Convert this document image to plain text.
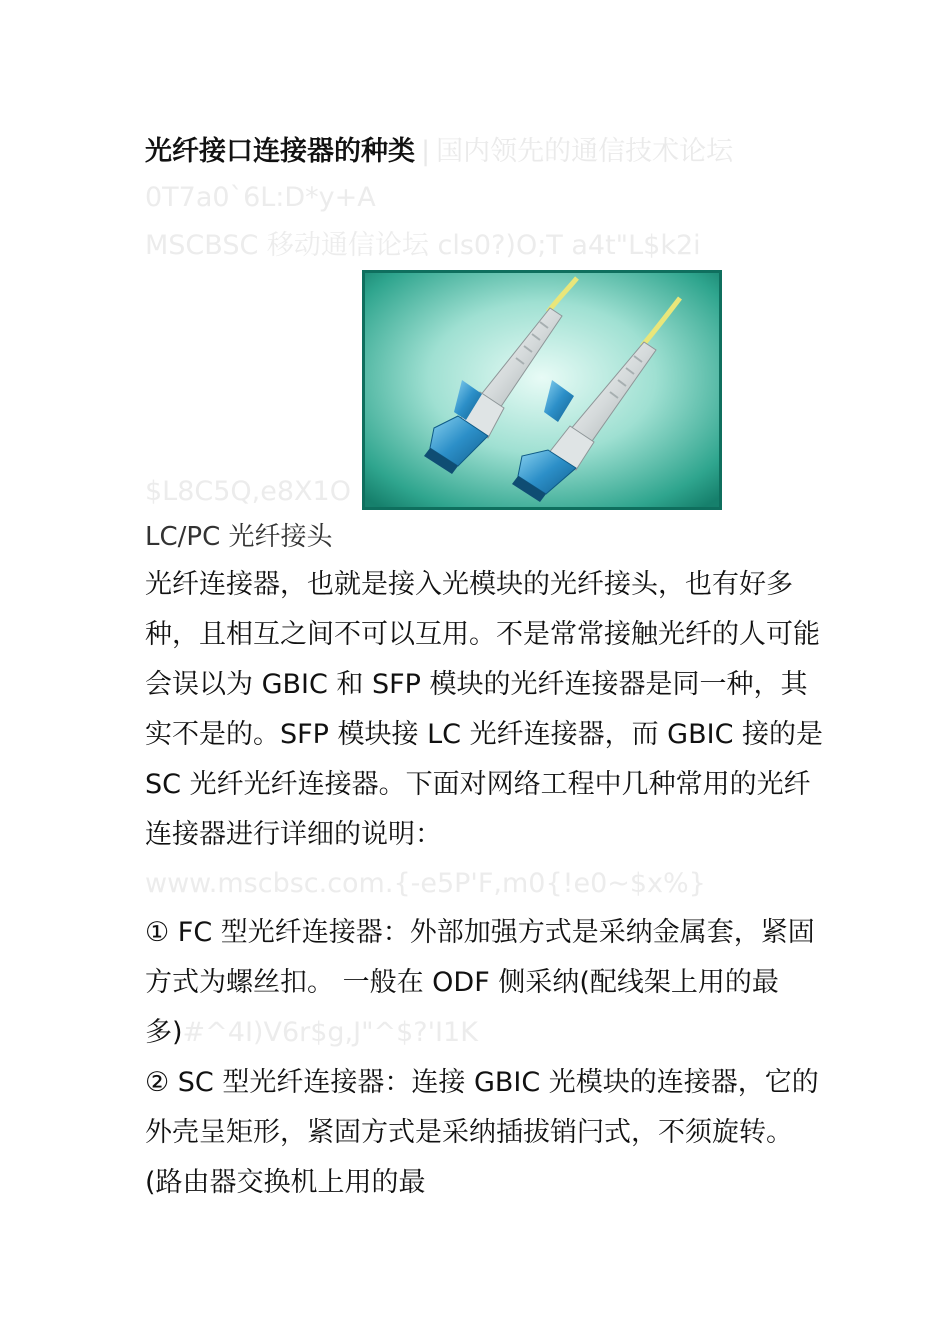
光纤接口连接器的种类 | 国内领先的通信技术论坛
0T7a0`6L:D*y+A
MSCBSC 移动通信论坛 cls0?)O;T a4t"L$k2i
$L8C5Q,e8X1O
LC/PC 光纤接头

光纤连接器，也就是接入光模块的光纤接头，也有好多种，且相互之间不可以互用。不是常常接触光纤的人可能会误以为 GBIC 和 SFP 模块的光纤连接器是同一种，其实不是的。SFP 模块接 LC 光纤连接器，而 GBIC 接的是 SC 光纤光纤连接器。下面对网络工程中几种常用的光纤连接器进行详细的说明：

www.mscbsc.com.{-e5P'F,m0{!e0~$x%}

① FC 型光纤连接器：外部加强方式是采纳金属套，紧固方式为螺丝扣。 一般在 ODF 侧采纳(配线架上用的最多)#^4I)V6r$g,J"^$?'I1K

② SC 型光纤连接器：连接 GBIC 光模块的连接器，它的外壳呈矩形，紧固方式是采纳插拔销闩式，不须旋转。(路由器交换机上用的最
